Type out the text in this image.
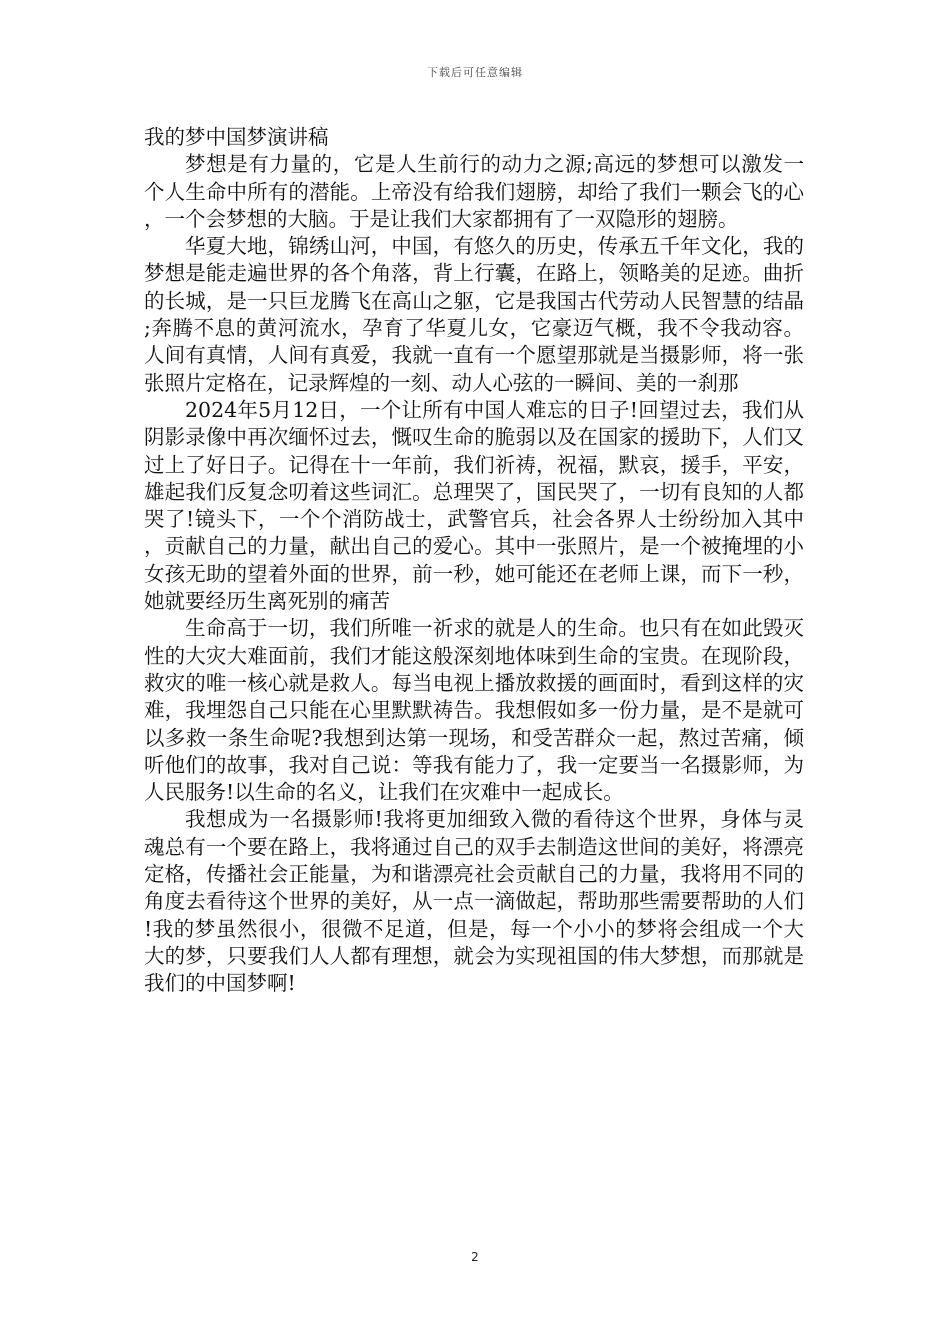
下载后可任意编辑
我的梦中国梦演讲稿

梦想是有力量的，它是人生前行的动力之源;高远的梦想可以激发一个人生命中所有的潜能。上帝没有给我们翅膀，却给了我们一颗会飞的心，一个会梦想的大脑。于是让我们大家都拥有了一双隐形的翅膀。

华夏大地，锦绣山河，中国，有悠久的历史，传承五千年文化，我的梦想是能走遍世界的各个角落，背上行囊，在路上，领略美的足迹。曲折的长城，是一只巨龙腾飞在高山之躯，它是我国古代劳动人民智慧的结晶;奔腾不息的黄河流水，孕育了华夏儿女，它豪迈气概，我不令我动容。人间有真情，人间有真爱，我就一直有一个愿望那就是当摄影师，将一张张照片定格在，记录辉煌的一刻、动人心弦的一瞬间、美的一刹那

2024年5月12日，一个让所有中国人难忘的日子!回望过去，我们从阴影录像中再次缅怀过去，慨叹生命的脆弱以及在国家的援助下，人们又过上了好日子。记得在十一年前，我们祈祷，祝福，默哀，援手，平安，雄起我们反复念叨着这些词汇。总理哭了，国民哭了，一切有良知的人都哭了!镜头下，一个个消防战士，武警官兵，社会各界人士纷纷加入其中，贡献自己的力量，献出自己的爱心。其中一张照片，是一个被掩埋的小女孩无助的望着外面的世界，前一秒，她可能还在老师上课，而下一秒，她就要经历生离死别的痛苦

生命高于一切，我们所唯一祈求的就是人的生命。也只有在如此毁灭性的大灾大难面前，我们才能这般深刻地体味到生命的宝贵。在现阶段，救灾的唯一核心就是救人。每当电视上播放救援的画面时，看到这样的灾难，我埋怨自己只能在心里默默祷告。我想假如多一份力量，是不是就可以多救一条生命呢?我想到达第一现场，和受苦群众一起，熬过苦痛，倾听他们的故事，我对自己说：等我有能力了，我一定要当一名摄影师，为人民服务!以生命的名义，让我们在灾难中一起成长。

我想成为一名摄影师!我将更加细致入微的看待这个世界，身体与灵魂总有一个要在路上，我将通过自己的双手去制造这世间的美好，将漂亮定格，传播社会正能量，为和谐漂亮社会贡献自己的力量，我将用不同的角度去看待这个世界的美好，从一点一滴做起，帮助那些需要帮助的人们!我的梦虽然很小，很微不足道，但是，每一个小小的梦将会组成一个大大的梦，只要我们人人都有理想，就会为实现祖国的伟大梦想，而那就是我们的中国梦啊!

2
